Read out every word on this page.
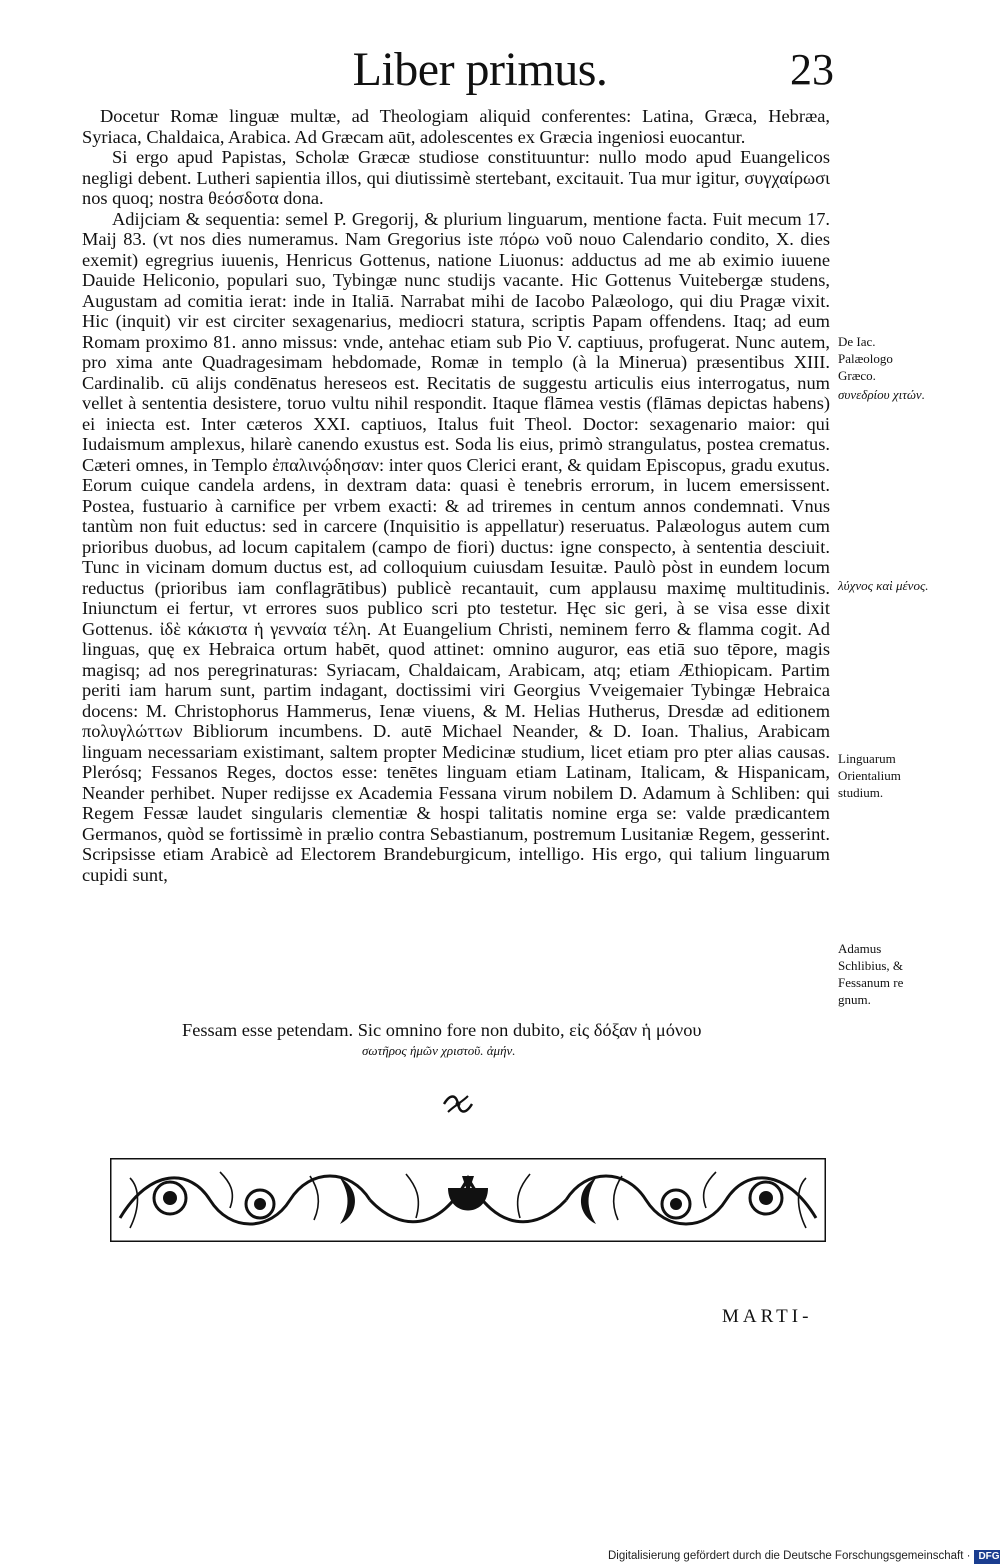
Liber primus.	23

Docetur Romæ linguæ multæ, ad Theologiam aliquid conferentes: Latina, Græca, Hebræa, Syriaca, Chaldaica, Arabica. Ad Græcam aūt, adolescentes ex Græcia ingeniosi euocantur.

Si ergo apud Papistas, Scholæ Græcæ studiose constituuntur: nullo modo apud Euangelicos negligi debent. Lutheri sapientia illos, qui diutissimè stertebant, excitauit. Tua mur igitur, συγχαίρωσι nos quoq; nostra θεόσδοτα dona.

Adijciam & sequentia: semel P. Gregorij, & plurium linguarum, mentione facta. Fuit mecum 17. Maij 83. (vt nos dies numeramus. Nam Gregorius iste πόρω νοῦ nouo Calendario condito, X. dies exemit) egregrius iuuenis, Henricus Gottenus, natione Liuonus: adductus ad me ab eximio iuuene Dauide Heliconio, populari suo, Tybingæ nunc studijs vacante. Hic Gottenus Vuitebergæ studens, Augustam ad comitia ierat: inde in Italiā. Narrabat mihi de Iacobo Palæologo, qui diu Pragæ vixit. Hic (inquit) vir est circiter sexagenarius, mediocri statura, scriptis Papam offendens. Itaq; ad eum Romam proximo 81. anno missus: vnde, antehac etiam sub Pio V. captiuus, profugerat. Nunc autem, pro xima ante Quadragesimam hebdomade, Romæ in templo (à la Minerua) præsentibus XIII. Cardinalib. cū alijs condēnatus hereseos est. Recitatis de suggestu articulis eius interrogatus, num vellet à sententia desistere, toruo vultu nihil respondit. Itaque flāmea vestis (flāmas depictas habens) ei iniecta est. Inter cæteros XXI. captiuos, Italus fuit Theol. Doctor: sexagenario maior: qui Iudaismum amplexus, hilarè canendo exustus est. Soda lis eius, primò strangulatus, postea crematus. Cæteri omnes, in Templo ἐπαλινῴδησαν: inter quos Clerici erant, & quidam Episcopus, gradu exutus. Eorum cuique candela ardens, in dextram data: quasi è tenebris errorum, in lucem emersissent. Postea, fustuario à carnifice per vrbem exacti: & ad triremes in centum annos condemnati. Vnus tantùm non fuit eductus: sed in carcere (Inquisitio is appellatur) reseruatus. Palæologus autem cum prioribus duobus, ad locum capitalem (campo de fiori) ductus: igne conspecto, à sententia desciuit. Tunc in vicinam domum ductus est, ad colloquium cuiusdam Iesuitæ. Paulò pòst in eundem locum reductus (prioribus iam conflagrātibus) publicè recantauit, cum applausu maximę multitudinis. Iniunctum ei fertur, vt errores suos publico scri pto testetur. Hęc sic geri, à se visa esse dixit Gottenus. ἰδὲ κάκιστα ἡ γενναία τέλη. At Euangelium Christi, neminem ferro & flamma cogit. Ad linguas, quę ex Hebraica ortum habēt, quod attinet: omnino auguror, eas etiā suo tēpore, magis magisq; ad nos peregrinaturas: Syriacam, Chaldaicam, Arabicam, atq; etiam Æthiopicam. Partim periti iam harum sunt, partim indagant, doctissimi viri Georgius Vveigemaier Tybingæ Hebraica docens: M. Christophorus Hammerus, Ienæ viuens, & M. Helias Hutherus, Dresdæ ad editionem πολυγλώττων Bibliorum incumbens. D. autē Michael Neander, & D. Ioan. Thalius, Arabicam linguam necessariam existimant, saltem propter Medicinæ studium, licet etiam pro pter alias causas. Plerósq; Fessanos Reges, doctos esse: tenētes linguam etiam Latinam, Italicam, & Hispanicam, Neander perhibet. Nuper redijsse ex Academia Fessana virum nobilem D. Adamum à Schliben: qui Regem Fessæ laudet singularis clementiæ & hospi talitatis nomine erga se: valde prædicantem Germanos, quòd se fortissimè in prælio contra Sebastianum, postremum Lusitaniæ Regem, gesserint. Scripsisse etiam Arabicè ad Electorem Brandeburgicum, intelligo. His ergo, qui talium linguarum cupidi sunt,

Fessam esse petendam. Sic omnino fore non dubito, εἰς δόξαν ἡ μόνου
σωτῆρος ἡμῶν χριστοῦ. ἀμήν.
De Iac. Palæologo Græco.
συνεδρίου χιτών.
λύχνος καὶ μένος.
Linguarum Orientalium studium.
Adamus Schlibius, & Fessanum re gnum.
MARTI-
Digitalisierung gefördert durch die Deutsche Forschungsgemeinschaft · DFG
